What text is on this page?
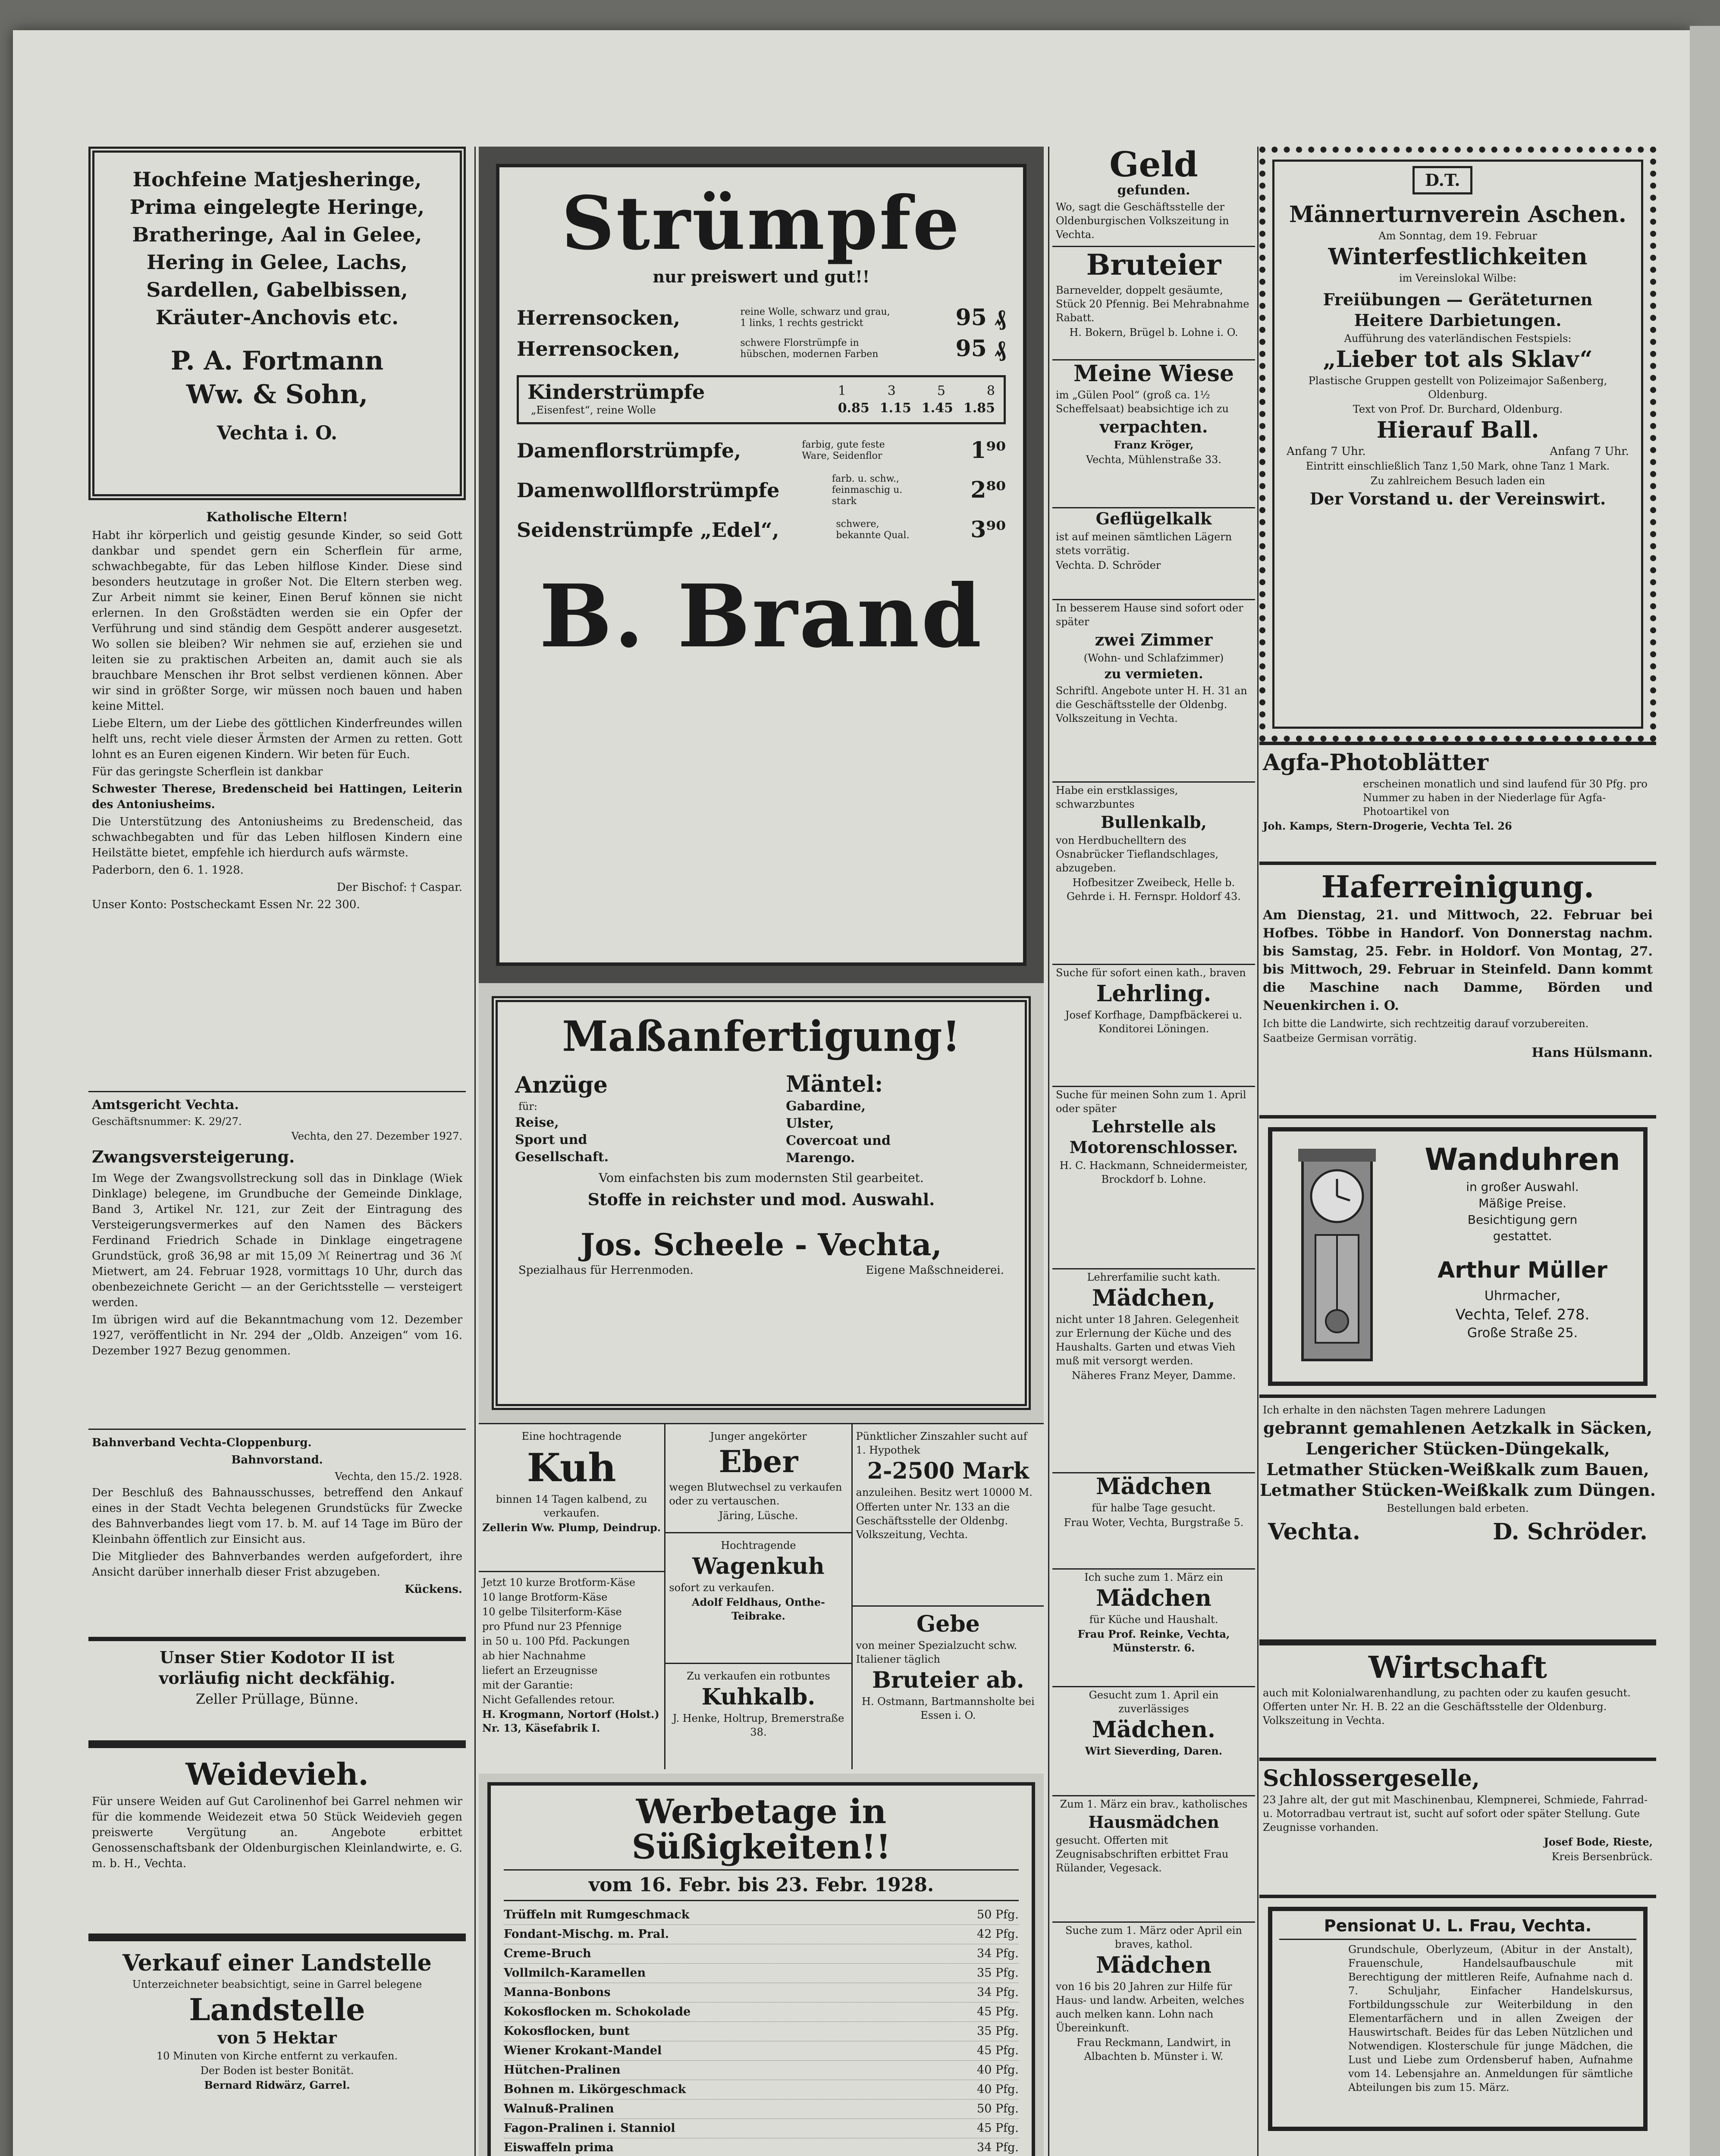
Hochfeine Matjesheringe,
Prima eingelegte Heringe,
Bratheringe, Aal in Gelee,
Hering in Gelee, Lachs,
Sardellen, Gabelbissen,
Kräuter-Anchovis etc.
P. A. Fortmann
Ww. & Sohn,
Vechta i. O.
Katholische Eltern!

Habt ihr körperlich und geistig gesunde Kinder, so seid Gott dankbar und spendet gern ein Scherflein für arme, schwachbegabte, für das Leben hilflose Kinder. Diese sind besonders heutzutage in großer Not. Die Eltern sterben weg. Zur Arbeit nimmt sie keiner, Einen Beruf können sie nicht erlernen. In den Großstädten werden sie ein Opfer der Verführung und sind ständig dem Gespött anderer ausgesetzt. Wo sollen sie bleiben? Wir nehmen sie auf, erziehen sie und leiten sie zu praktischen Arbeiten an, damit auch sie als brauchbare Menschen ihr Brot selbst verdienen können. Aber wir sind in größter Sorge, wir müssen noch bauen und haben keine Mittel.

Liebe Eltern, um der Liebe des göttlichen Kinderfreundes willen helft uns, recht viele dieser Ärmsten der Armen zu retten. Gott lohnt es an Euren eigenen Kindern. Wir beten für Euch.

Für das geringste Scherflein ist dankbar

Schwester Therese, Bredenscheid bei Hattingen, Leiterin des Antoniusheims.

Die Unterstützung des Antoniusheims zu Bredenscheid, das schwachbegabten und für das Leben hilflosen Kindern eine Heilstätte bietet, empfehle ich hierdurch aufs wärmste.

Paderborn, den 6. 1. 1928.

Der Bischof: † Caspar.

Unser Konto: Postscheckamt Essen Nr. 22 300.

Amtsgericht Vechta.

Geschäftsnummer: K. 29/27.

Vechta, den 27. Dezember 1927.

Zwangsversteigerung.

Im Wege der Zwangsvollstreckung soll das in Dinklage (Wiek Dinklage) belegene, im Grundbuche der Gemeinde Dinklage, Band 3, Artikel Nr. 121, zur Zeit der Eintragung des Versteigerungsvermerkes auf den Namen des Bäckers Ferdinand Friedrich Schade in Dinklage eingetragene Grundstück, groß 36,98 ar mit 15,09 ℳ Reinertrag und 36 ℳ Mietwert, am 24. Februar 1928, vormittags 10 Uhr, durch das obenbezeichnete Gericht — an der Gerichtsstelle — versteigert werden.

Im übrigen wird auf die Bekanntmachung vom 12. Dezember 1927, veröffentlicht in Nr. 294 der „Oldb. Anzeigen“ vom 16. Dezember 1927 Bezug genommen.

Bahnverband Vechta-Cloppenburg.
Bahnvorstand.

Vechta, den 15./2. 1928.

Der Beschluß des Bahnausschusses, betreffend den Ankauf eines in der Stadt Vechta belegenen Grundstücks für Zwecke des Bahnverbandes liegt vom 17. b. M. auf 14 Tage im Büro der Kleinbahn öffentlich zur Einsicht aus.

Die Mitglieder des Bahnverbandes werden aufgefordert, ihre Ansicht darüber innerhalb dieser Frist abzugeben.

Kückens.

Unser Stier Kodotor II ist
vorläufig nicht deckfähig.
Zeller Prüllage, Bünne.
Weidevieh.

Für unsere Weiden auf Gut Carolinenhof bei Garrel nehmen wir für die kommende Weidezeit etwa 50 Stück Weidevieh gegen preiswerte Vergütung an. Angebote erbittet Genossenschaftsbank der Oldenburgischen Kleinlandwirte, e. G. m. b. H., Vechta.

Verkauf einer Landstelle

Unterzeichneter beabsichtigt, seine in Garrel belegene

Landstelle
von 5 Hektar

10 Minuten von Kirche entfernt zu verkaufen.

Der Boden ist bester Bonität.

Bernard Ridwärz, Garrel.

Strümpfe
nur preiswert und gut!!
Herrensocken,	reine Wolle, schwarz und grau, 1 links, 1 rechts gestrickt	95 ₰
Herrensocken,	schwere Florstrümpfe in hübschen, modernen Farben	95 ₰
Kinderstrümpfe
„Eisenfest“, reine Wolle
1	3	5	8
0.85 1.15 1.45 1.85
Damenflorstrümpfe,	farbig, gute feste Ware, Seidenflor	1⁹⁰
Damenwollflorstrümpfe	farb. u. schw., feinmaschig u. stark	2⁸⁰
Seidenstrümpfe „Edel“,	schwere, bekannte Qual.	3⁹⁰
B. Brand
Maßanfertigung!
Anzüge
für:
Reise,
Sport und
Gesellschaft.
Mäntel:
Gabardine,
Ulster,
Covercoat und
Marengo.
Vom einfachsten bis zum modernsten Stil gearbeitet.
Stoffe in reichster und mod. Auswahl.
Jos. Scheele - Vechta,
Spezialhaus für Herrenmoden.	Eigene Maßschneiderei.

Eine hochtragende

Kuh

binnen 14 Tagen kalbend, zu verkaufen.

Zellerin Ww. Plump, Deindrup.

Jetzt 10 kurze Brotform-Käse

10 lange Brotform-Käse

10 gelbe Tilsiterform-Käse

pro Pfund nur 23 Pfennige

in 50 u. 100 Pfd. Packungen

ab hier Nachnahme

liefert an Erzeugnisse

mit der Garantie:

Nicht Gefallendes retour.

H. Krogmann, Nortorf (Holst.) Nr. 13, Käsefabrik I.

Junger angekörter

Eber

wegen Blutwechsel zu verkaufen oder zu vertauschen.

Järing, Lüsche.

Hochtragende

Wagenkuh

sofort zu verkaufen.

Adolf Feldhaus, Onthe-Teibrake.

Zu verkaufen ein rotbuntes

Kuhkalb.

J. Henke, Holtrup, Bremerstraße 38.

Pünktlicher Zinszahler sucht auf 1. Hypothek

2-2500 Mark

anzuleihen. Besitz wert 10000 M.

Offerten unter Nr. 133 an die Geschäftsstelle der Oldenbg. Volkszeitung, Vechta.

Gebe

von meiner Spezialzucht schw. Italiener täglich

Bruteier ab.

H. Ostmann, Bartmannsholte bei Essen i. O.

Werbetage in Süßigkeiten!!
vom 16. Febr. bis 23. Febr. 1928.
Trüffeln mit Rumgeschmack	50 Pfg.
Fondant-Mischg. m. Pral.	42 Pfg.
Creme-Bruch	34 Pfg.
Vollmilch-Karamellen	35 Pfg.
Manna-Bonbons	34 Pfg.
Kokosflocken m. Schokolade	45 Pfg.
Kokosflocken, bunt	35 Pfg.
Wiener Krokant-Mandel	45 Pfg.
Hütchen-Pralinen	40 Pfg.
Bohnen m. Likörgeschmack	40 Pfg.
Walnuß-Pralinen	50 Pfg.
Fagon-Pralinen i. Stanniol	45 Pfg.
Eiswaffeln prima	34 Pfg.
Geld
gefunden.

Wo, sagt die Geschäftsstelle der Oldenburgischen Volkszeitung in Vechta.

Bruteier

Barnevelder, doppelt gesäumte, Stück 20 Pfennig. Bei Mehrabnahme Rabatt.

H. Bokern, Brügel b. Lohne i. O.

Meine Wiese

im „Gülen Pool“ (groß ca. 1½ Scheffelsaat) beabsichtige ich zu

verpachten.

Franz Kröger,

Vechta, Mühlenstraße 33.

Geflügelkalk

ist auf meinen sämtlichen Lägern stets vorrätig.

Vechta. D. Schröder

In besserem Hause sind sofort oder später

zwei Zimmer

(Wohn- und Schlafzimmer)

zu vermieten.

Schriftl. Angebote unter H. H. 31 an die Geschäftsstelle der Oldenbg. Volkszeitung in Vechta.

Habe ein erstklassiges, schwarzbuntes

Bullenkalb,

von Herdbuchelltern des Osnabrücker Tieflandschlages, abzugeben.

Hofbesitzer Zweibeck, Helle b. Gehrde i. H. Fernspr. Holdorf 43.

Suche für sofort einen kath., braven

Lehrling.

Josef Korfhage, Dampfbäckerei u. Konditorei Löningen.

Suche für meinen Sohn zum 1. April oder später

Lehrstelle als Motorenschlosser.

H. C. Hackmann, Schneidermeister, Brockdorf b. Lohne.

Lehrerfamilie sucht kath.

Mädchen,

nicht unter 18 Jahren. Gelegenheit zur Erlernung der Küche und des Haushalts. Garten und etwas Vieh muß mit versorgt werden.

Näheres Franz Meyer, Damme.

Mädchen

für halbe Tage gesucht.

Frau Woter, Vechta, Burgstraße 5.

Ich suche zum 1. März ein

Mädchen

für Küche und Haushalt.

Frau Prof. Reinke, Vechta, Münsterstr. 6.

Gesucht zum 1. April ein zuverlässiges

Mädchen.

Wirt Sieverding, Daren.

Zum 1. März ein brav., katholisches

Hausmädchen

gesucht. Offerten mit Zeugnisabschriften erbittet Frau Rülander, Vegesack.

Suche zum 1. März oder April ein braves, kathol.

Mädchen

von 16 bis 20 Jahren zur Hilfe für Haus- und landw. Arbeiten, welches auch melken kann. Lohn nach Übereinkunft.

Frau Reckmann, Landwirt, in Albachten b. Münster i. W.

D.T.
Männerturnverein Aschen.
Am Sonntag, dem 19. Februar
Winterfestlichkeiten
im Vereinslokal Wilbe:
Freiübungen — Geräteturnen
Heitere Darbietungen.
Aufführung des vaterländischen Festspiels:
„Lieber tot als Sklav“
Plastische Gruppen gestellt von Polizeimajor Saßenberg, Oldenburg.
Text von Prof. Dr. Burchard, Oldenburg.
Hierauf Ball.
Anfang 7 Uhr.	Anfang 7 Uhr.
Eintritt einschließlich Tanz 1,50 Mark, ohne Tanz 1 Mark.
Zu zahlreichem Besuch laden ein
Der Vorstand u. der Vereinswirt.
Agfa-Photoblätter

erscheinen monatlich und sind laufend für 30 Pfg. pro Nummer zu haben in der Niederlage für Agfa-Photoartikel von

Joh. Kamps, Stern-Drogerie, Vechta Tel. 26

Haferreinigung.

Am Dienstag, 21. und Mittwoch, 22. Februar bei Hofbes. Többe in Handorf. Von Donnerstag nachm. bis Samstag, 25. Febr. in Holdorf. Von Montag, 27. bis Mittwoch, 29. Februar in Steinfeld. Dann kommt die Maschine nach Damme, Börden und Neuenkirchen i. O.

Ich bitte die Landwirte, sich rechtzeitig darauf vorzubereiten.

Saatbeize Germisan vorrätig.

Hans Hülsmann.

Wanduhren
in großer Auswahl.
Mäßige Preise.
Besichtigung gern
gestattet.
Arthur Müller
Uhrmacher,
Vechta, Telef. 278.
Große Straße 25.

Ich erhalte in den nächsten Tagen mehrere Ladungen

gebrannt gemahlenen Aetzkalk in Säcken,
Lengericher Stücken-Düngekalk,
Letmather Stücken-Weißkalk zum Bauen,
Letmather Stücken-Weißkalk zum Düngen.

Bestellungen bald erbeten.

Vechta.	D. Schröder.
Wirtschaft

auch mit Kolonialwarenhandlung, zu pachten oder zu kaufen gesucht. Offerten unter Nr. H. B. 22 an die Geschäftsstelle der Oldenburg. Volkszeitung in Vechta.

Schlossergeselle,

23 Jahre alt, der gut mit Maschinenbau, Klempnerei, Schmiede, Fahrrad- u. Motorradbau vertraut ist, sucht auf sofort oder später Stellung. Gute Zeugnisse vorhanden.

Josef Bode, Rieste,

Kreis Bersenbrück.

Pensionat U. L. Frau, Vechta.

Grundschule, Oberlyzeum, (Abitur in der Anstalt), Frauenschule, Handelsaufbauschule mit Berechtigung der mittleren Reife, Aufnahme nach d. 7. Schuljahr, Einfacher Handelskursus, Fortbildungsschule zur Weiterbildung in den Elementarfächern und in allen Zweigen der Hauswirtschaft. Beides für das Leben Nützlichen und Notwendigen. Klosterschule für junge Mädchen, die Lust und Liebe zum Ordensberuf haben, Aufnahme vom 14. Lebensjahre an. Anmeldungen für sämtliche Abteilungen bis zum 15. März.
